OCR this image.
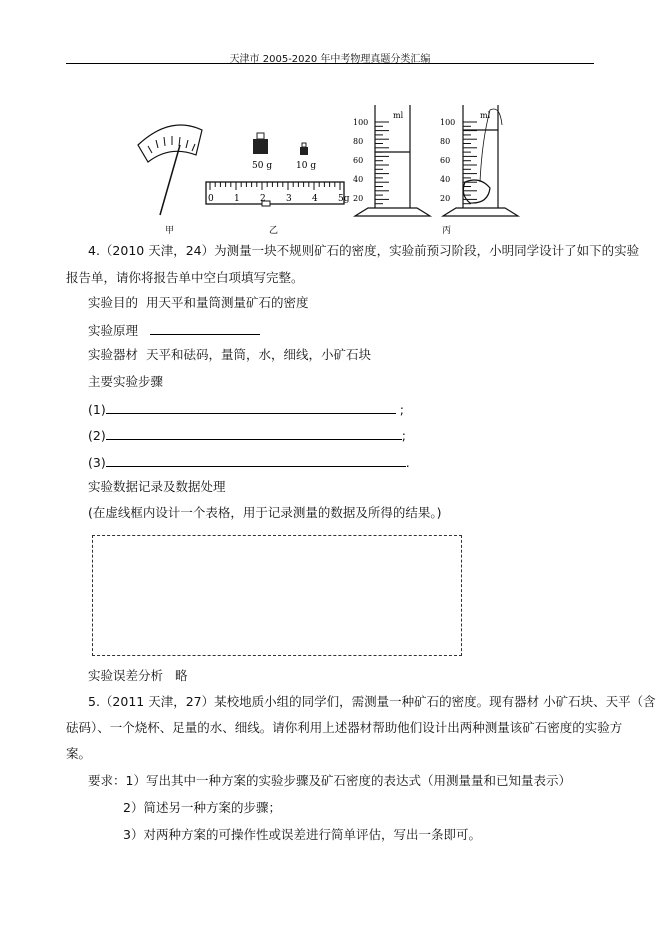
天津市 2005-2020 年中考物理真题分类汇编
甲
50 g	10 g
0 1 2 3 4 5g
乙
100	100
80	80
60	60
40	40
20	20
ml	ml
丙
4.（2010 天津，24）为测量一块不规则矿石的密度，实验前预习阶段，小明同学设计了如下的实验
报告单，请你将报告单中空白项填写完整。
实验目的 用天平和量筒测量矿石的密度
实验原理
实验器材 天平和砝码，量筒，水，细线，小矿石块
主要实验步骤
(1)	;
(2)	;
(3)	.
实验数据记录及数据处理
(在虚线框内设计一个表格，用于记录测量的数据及所得的结果。)
实验误差分析 略
5.（2011 天津，27）某校地质小组的同学们，需测量一种矿石的密度。现有器材 小矿石块、天平（含
砝码）、一个烧杯、足量的水、细线。请你利用上述器材帮助他们设计出两种测量该矿石密度的实验方
案。
要求：1）写出其中一种方案的实验步骤及矿石密度的表达式（用测量量和已知量表示）
2）简述另一种方案的步骤；
3）对两种方案的可操作性或误差进行简单评估，写出一条即可。
